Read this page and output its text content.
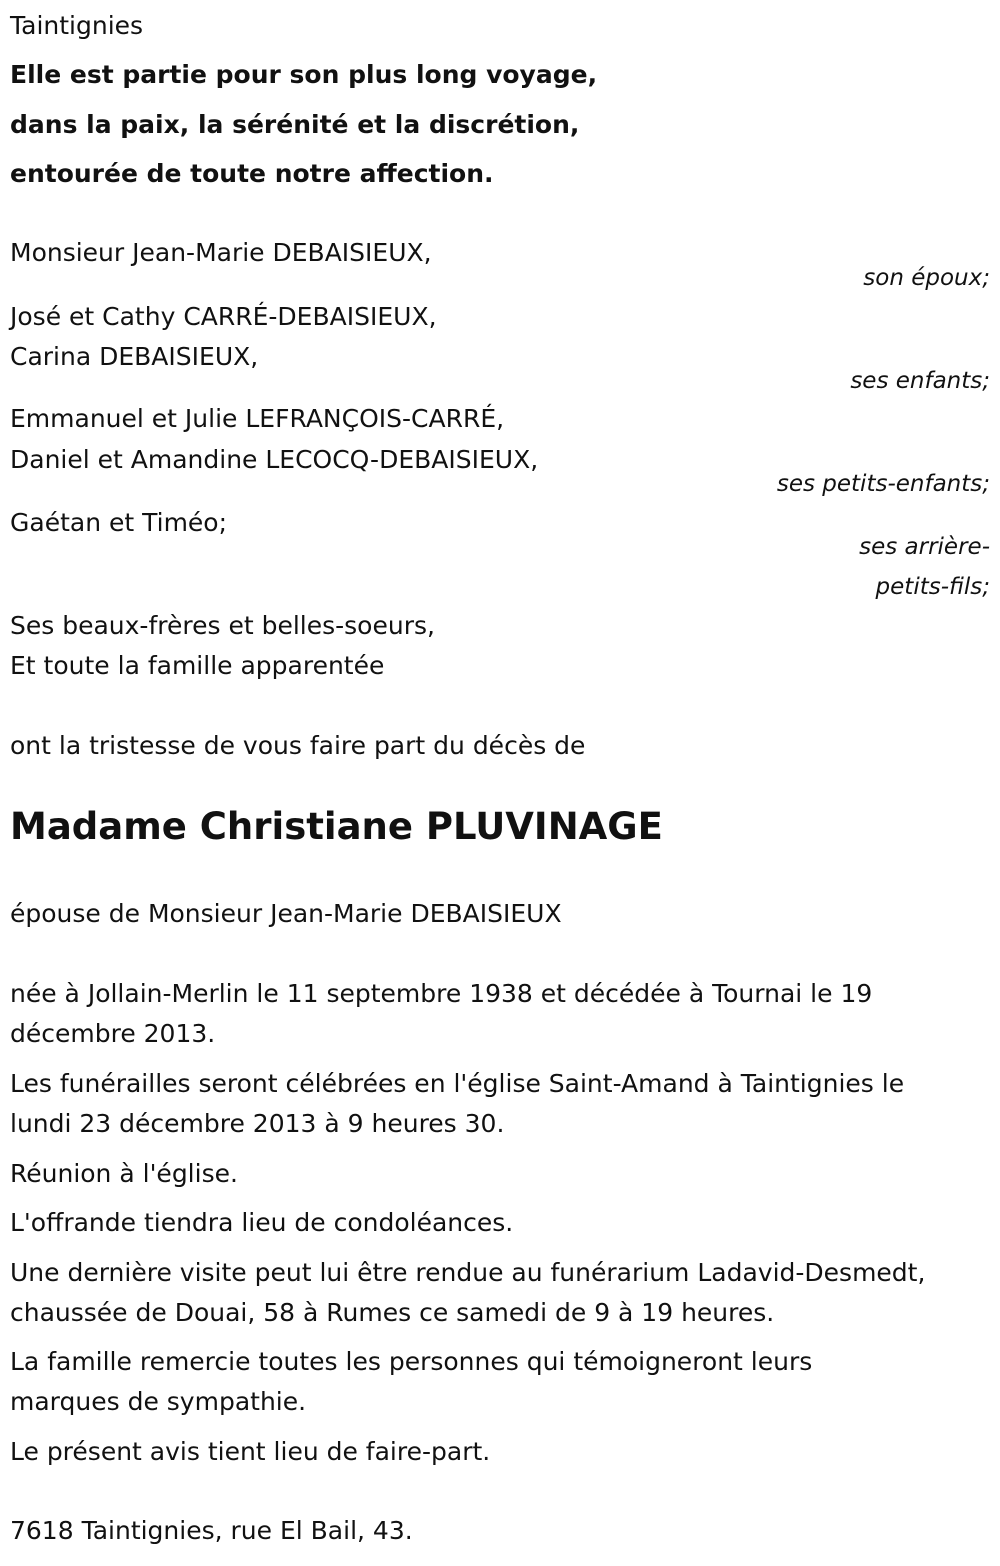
Taintignies
Elle est partie pour son plus long voyage,
dans la paix, la sérénité et la discrétion,
entourée de toute notre affection.
Monsieur Jean-Marie DEBAISIEUX,
son époux;
José et Cathy CARRÉ-DEBAISIEUX,
Carina DEBAISIEUX,
ses enfants;
Emmanuel et Julie LEFRANÇOIS-CARRÉ,
Daniel et Amandine LECOCQ-DEBAISIEUX,
ses petits-enfants;
Gaétan et Timéo;
ses arrière-
petits-fils;
Ses beaux-frères et belles-soeurs,
Et toute la famille apparentée
ont la tristesse de vous faire part du décès de
Madame Christiane PLUVINAGE
épouse de Monsieur Jean-Marie DEBAISIEUX
née à Jollain-Merlin le 11 septembre 1938 et décédée à Tournai le 19
décembre 2013.
Les funérailles seront célébrées en l'église Saint-Amand à Taintignies le
lundi 23 décembre 2013 à 9 heures 30.
Réunion à l'église.
L'offrande tiendra lieu de condoléances.
Une dernière visite peut lui être rendue au funérarium Ladavid-Desmedt,
chaussée de Douai, 58 à Rumes ce samedi de 9 à 19 heures.
La famille remercie toutes les personnes qui témoigneront leurs
marques de sympathie.
Le présent avis tient lieu de faire-part.
7618 Taintignies, rue El Bail, 43.
